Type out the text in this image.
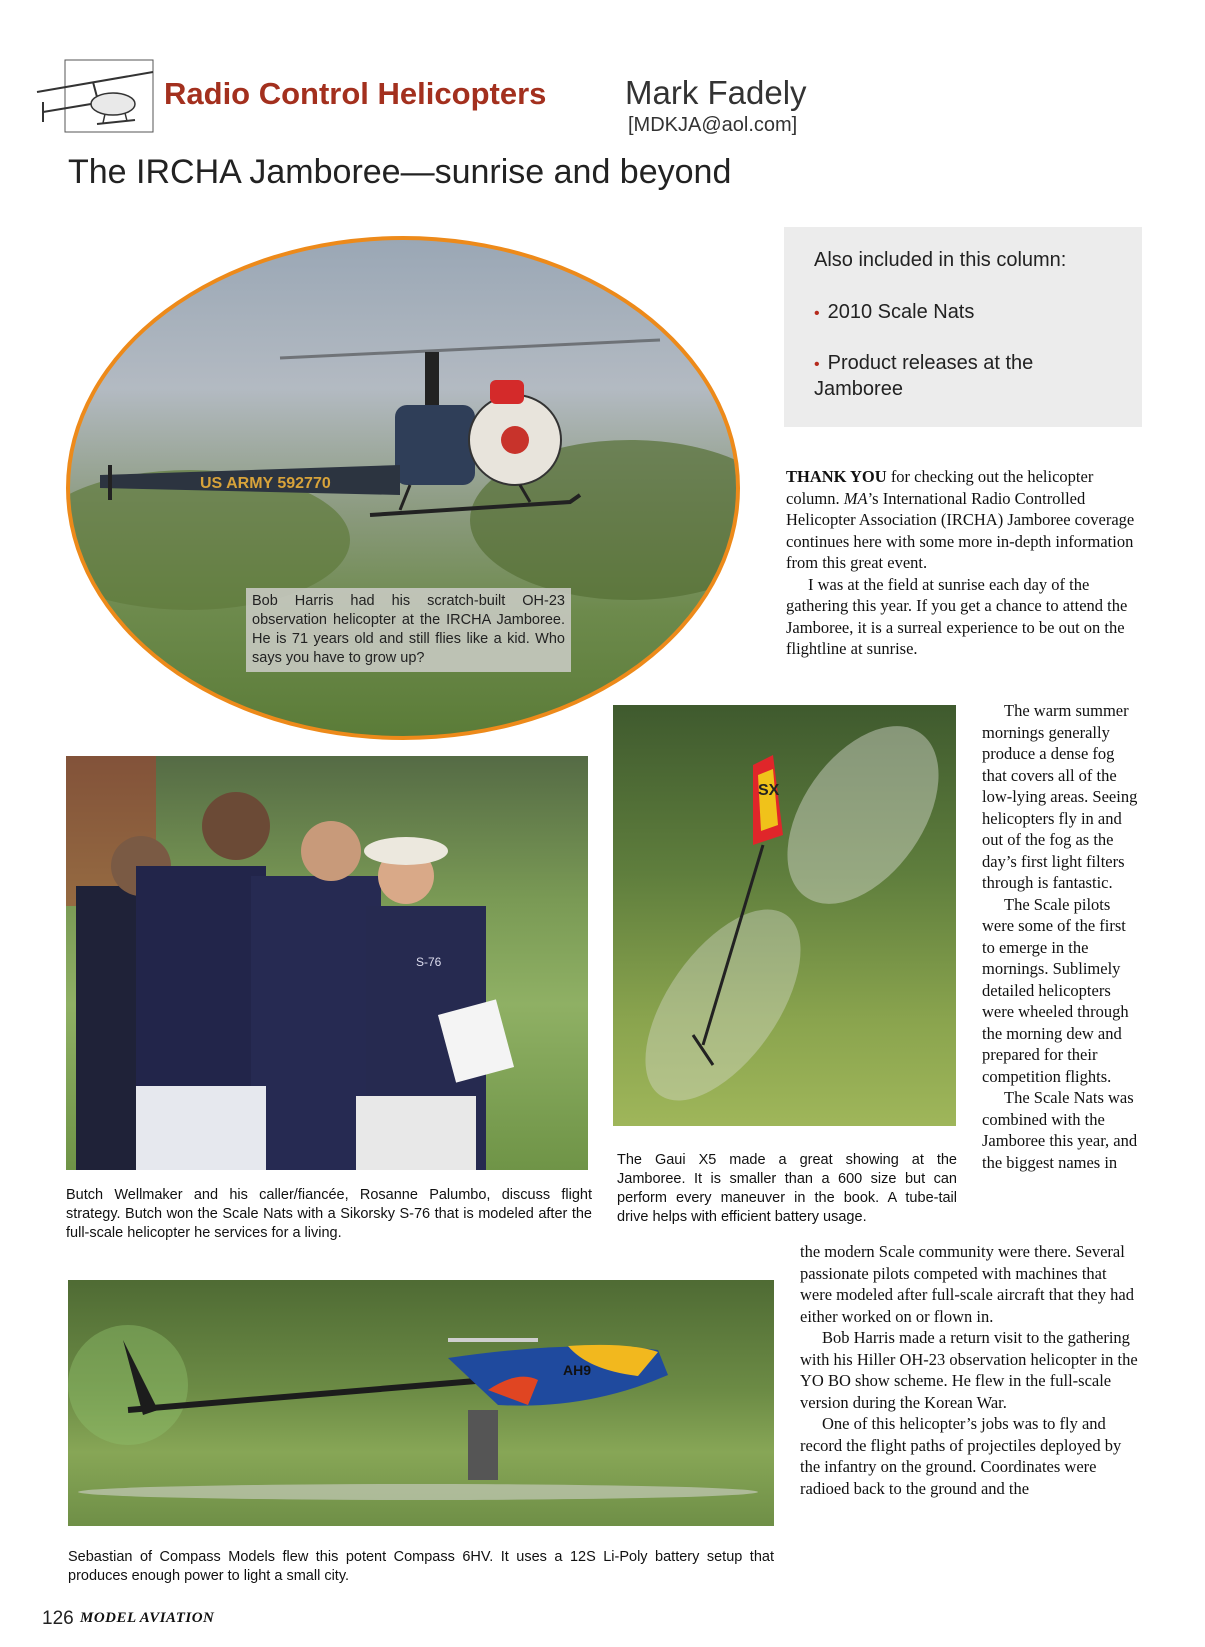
Radio Control Helicopters Mark Fadely
[MDKJA@aol.com]
The IRCHA Jamboree—sunrise and beyond
Also included in this column:
• 2010 Scale Nats
• Product releases at the Jamboree
US ARMY 592770
Bob Harris had his scratch-built OH-23 observation helicopter at the IRCHA Jamboree. He is 71 years old and still flies like a kid. Who says you have to grow up?
THANK YOU for checking out the helicopter column. MA’s International Radio Controlled Helicopter Association (IRCHA) Jamboree coverage continues here with some more in-depth information from this great event.
I was at the field at sunrise each day of the gathering this year. If you get a chance to attend the Jamboree, it is a surreal experience to be out on the flightline at sunrise.
SX
The Gaui X5 made a great showing at the Jamboree. It is smaller than a 600 size but can perform every maneuver in the book. A tube-tail drive helps with efficient battery usage.
The warm summer mornings generally produce a dense fog that covers all of the low-lying areas. Seeing helicopters fly in and out of the fog as the day’s first light filters through is fantastic.
The Scale pilots were some of the first to emerge in the mornings. Sublimely detailed helicopters were wheeled through the morning dew and prepared for their competition flights.
The Scale Nats was combined with the Jamboree this year, and the biggest names in
S-76
Butch Wellmaker and his caller/fiancée, Rosanne Palumbo, discuss flight strategy. Butch won the Scale Nats with a Sikorsky S-76 that is modeled after the full-scale helicopter he services for a living.
AH9
Sebastian of Compass Models flew this potent Compass 6HV. It uses a 12S Li-Poly battery setup that produces enough power to light a small city.
the modern Scale community were there. Several passionate pilots competed with machines that were modeled after full-scale aircraft that they had either worked on or flown in.
Bob Harris made a return visit to the gathering with his Hiller OH-23 observation helicopter in the YO BO show scheme. He flew in the full-scale version during the Korean War.
One of this helicopter’s jobs was to fly and record the flight paths of projectiles deployed by the infantry on the ground. Coordinates were radioed back to the ground and the
126 MODEL AVIATION
